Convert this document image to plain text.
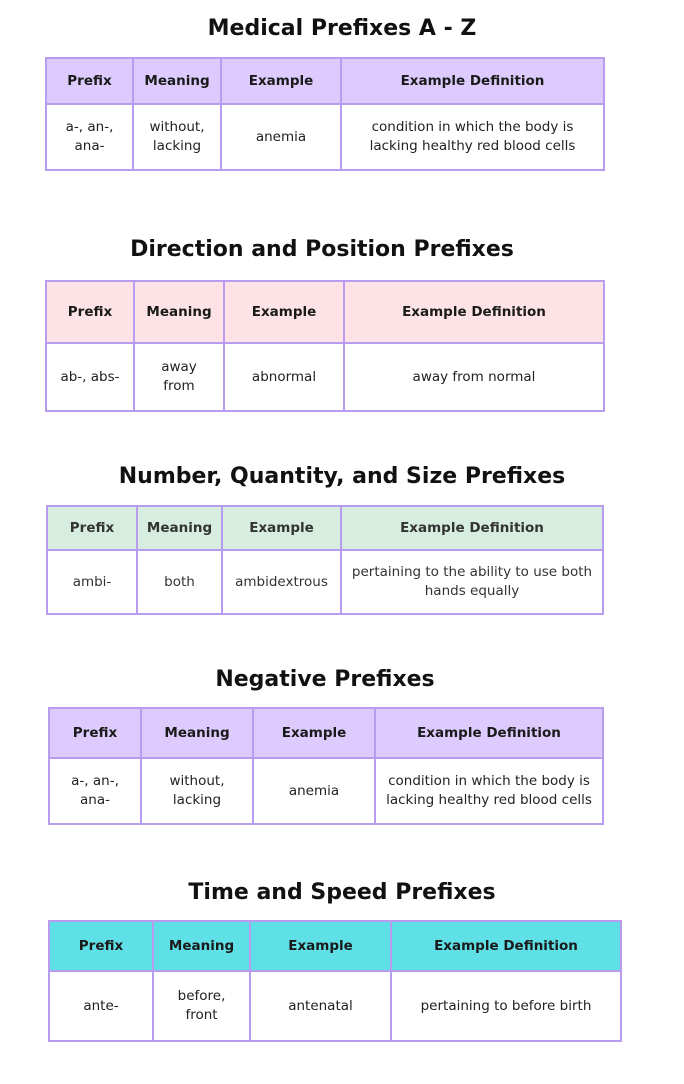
Medical Prefixes A - Z
Prefix	Meaning	Example	Example Definition
a-, an-, ana-	without, lacking	anemia	condition in which the body is lacking healthy red blood cells
Direction and Position Prefixes
Prefix	Meaning	Example	Example Definition
ab-, abs-	away from	abnormal	away from normal
Number, Quantity, and Size Prefixes
Prefix	Meaning	Example	Example Definition
ambi-	both	ambidextrous	pertaining to the ability to use both hands equally
Negative Prefixes
Prefix	Meaning	Example	Example Definition
a-, an-, ana-	without, lacking	anemia	condition in which the body is lacking healthy red blood cells
Time and Speed Prefixes
Prefix	Meaning	Example	Example Definition
ante-	before, front	antenatal	pertaining to before birth
